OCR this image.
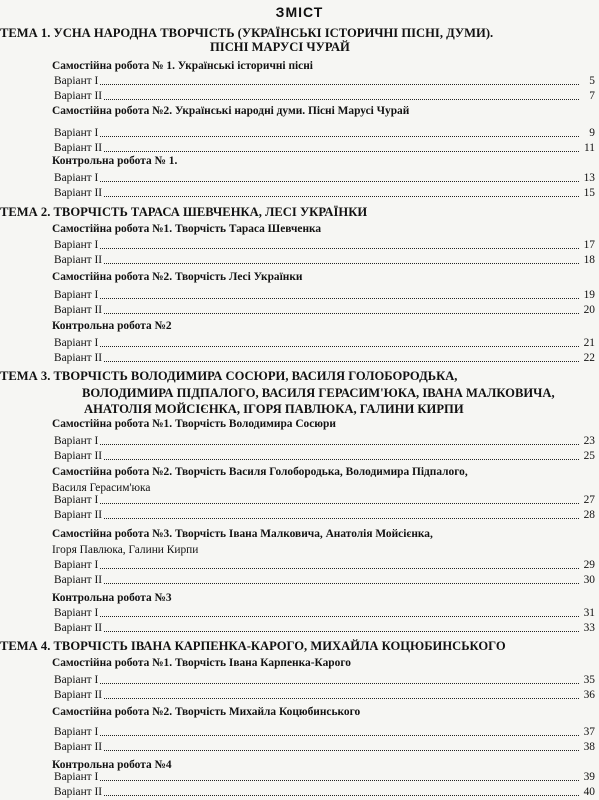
ЗМІСТ
ТЕМА 1. УСНА НАРОДНА ТВОРЧІСТЬ (УКРАЇНСЬКІ ІСТОРИЧНІ ПІСНІ, ДУМИ).
ПІСНІ МАРУСІ ЧУРАЙ
Самостійна робота № 1. Українські історичні пісні
Варіант І	5
Варіант ІІ	7
Самостійна робота №2. Українські народні думи. Пісні Марусі Чурай
Варіант І	9
Варіант ІІ	11
Контрольна робота № 1.
Варіант І	13
Варіант ІІ	15
ТЕМА 2. ТВОРЧІСТЬ ТАРАСА ШЕВЧЕНКА, ЛЕСІ УКРАЇНКИ
Самостійна робота №1. Творчість Тараса Шевченка
Варіант І	17
Варіант ІІ	18
Самостійна робота №2. Творчість Лесі Українки
Варіант І	19
Варіант ІІ	20
Контрольна робота №2
Варіант І	21
Варіант ІІ	22
ТЕМА 3. ТВОРЧІСТЬ ВОЛОДИМИРА СОСЮРИ, ВАСИЛЯ ГОЛОБОРОДЬКА,
ВОЛОДИМИРА ПІДПАЛОГО, ВАСИЛЯ ГЕРАСИМ'ЮКА, ІВАНА МАЛКОВИЧА,
АНАТОЛІЯ МОЙСІЄНКА, ІГОРЯ ПАВЛЮКА, ГАЛИНИ КИРПИ
Самостійна робота №1. Творчість Володимира Сосюри
Варіант І	23
Варіант ІІ	25
Самостійна робота №2. Творчість Василя Голобородька, Володимира Підпалого,
Василя Герасим'юка
Варіант І	27
Варіант ІІ	28
Самостійна робота №3. Творчість Івана Малковича, Анатолія Мойсієнка,
Ігоря Павлюка, Галини Кирпи
Варіант І	29
Варіант ІІ	30
Контрольна робота №3
Варіант І	31
Варіант ІІ	33
ТЕМА 4. ТВОРЧІСТЬ ІВАНА КАРПЕНКА-КАРОГО, МИХАЙЛА КОЦЮБИНСЬКОГО
Самостійна робота №1. Творчість Івана Карпенка-Карого
Варіант І	35
Варіант ІІ	36
Самостійна робота №2. Творчість Михайла Коцюбинського
Варіант І	37
Варіант ІІ	38
Контрольна робота №4
Варіант І	39
Варіант ІІ	40
